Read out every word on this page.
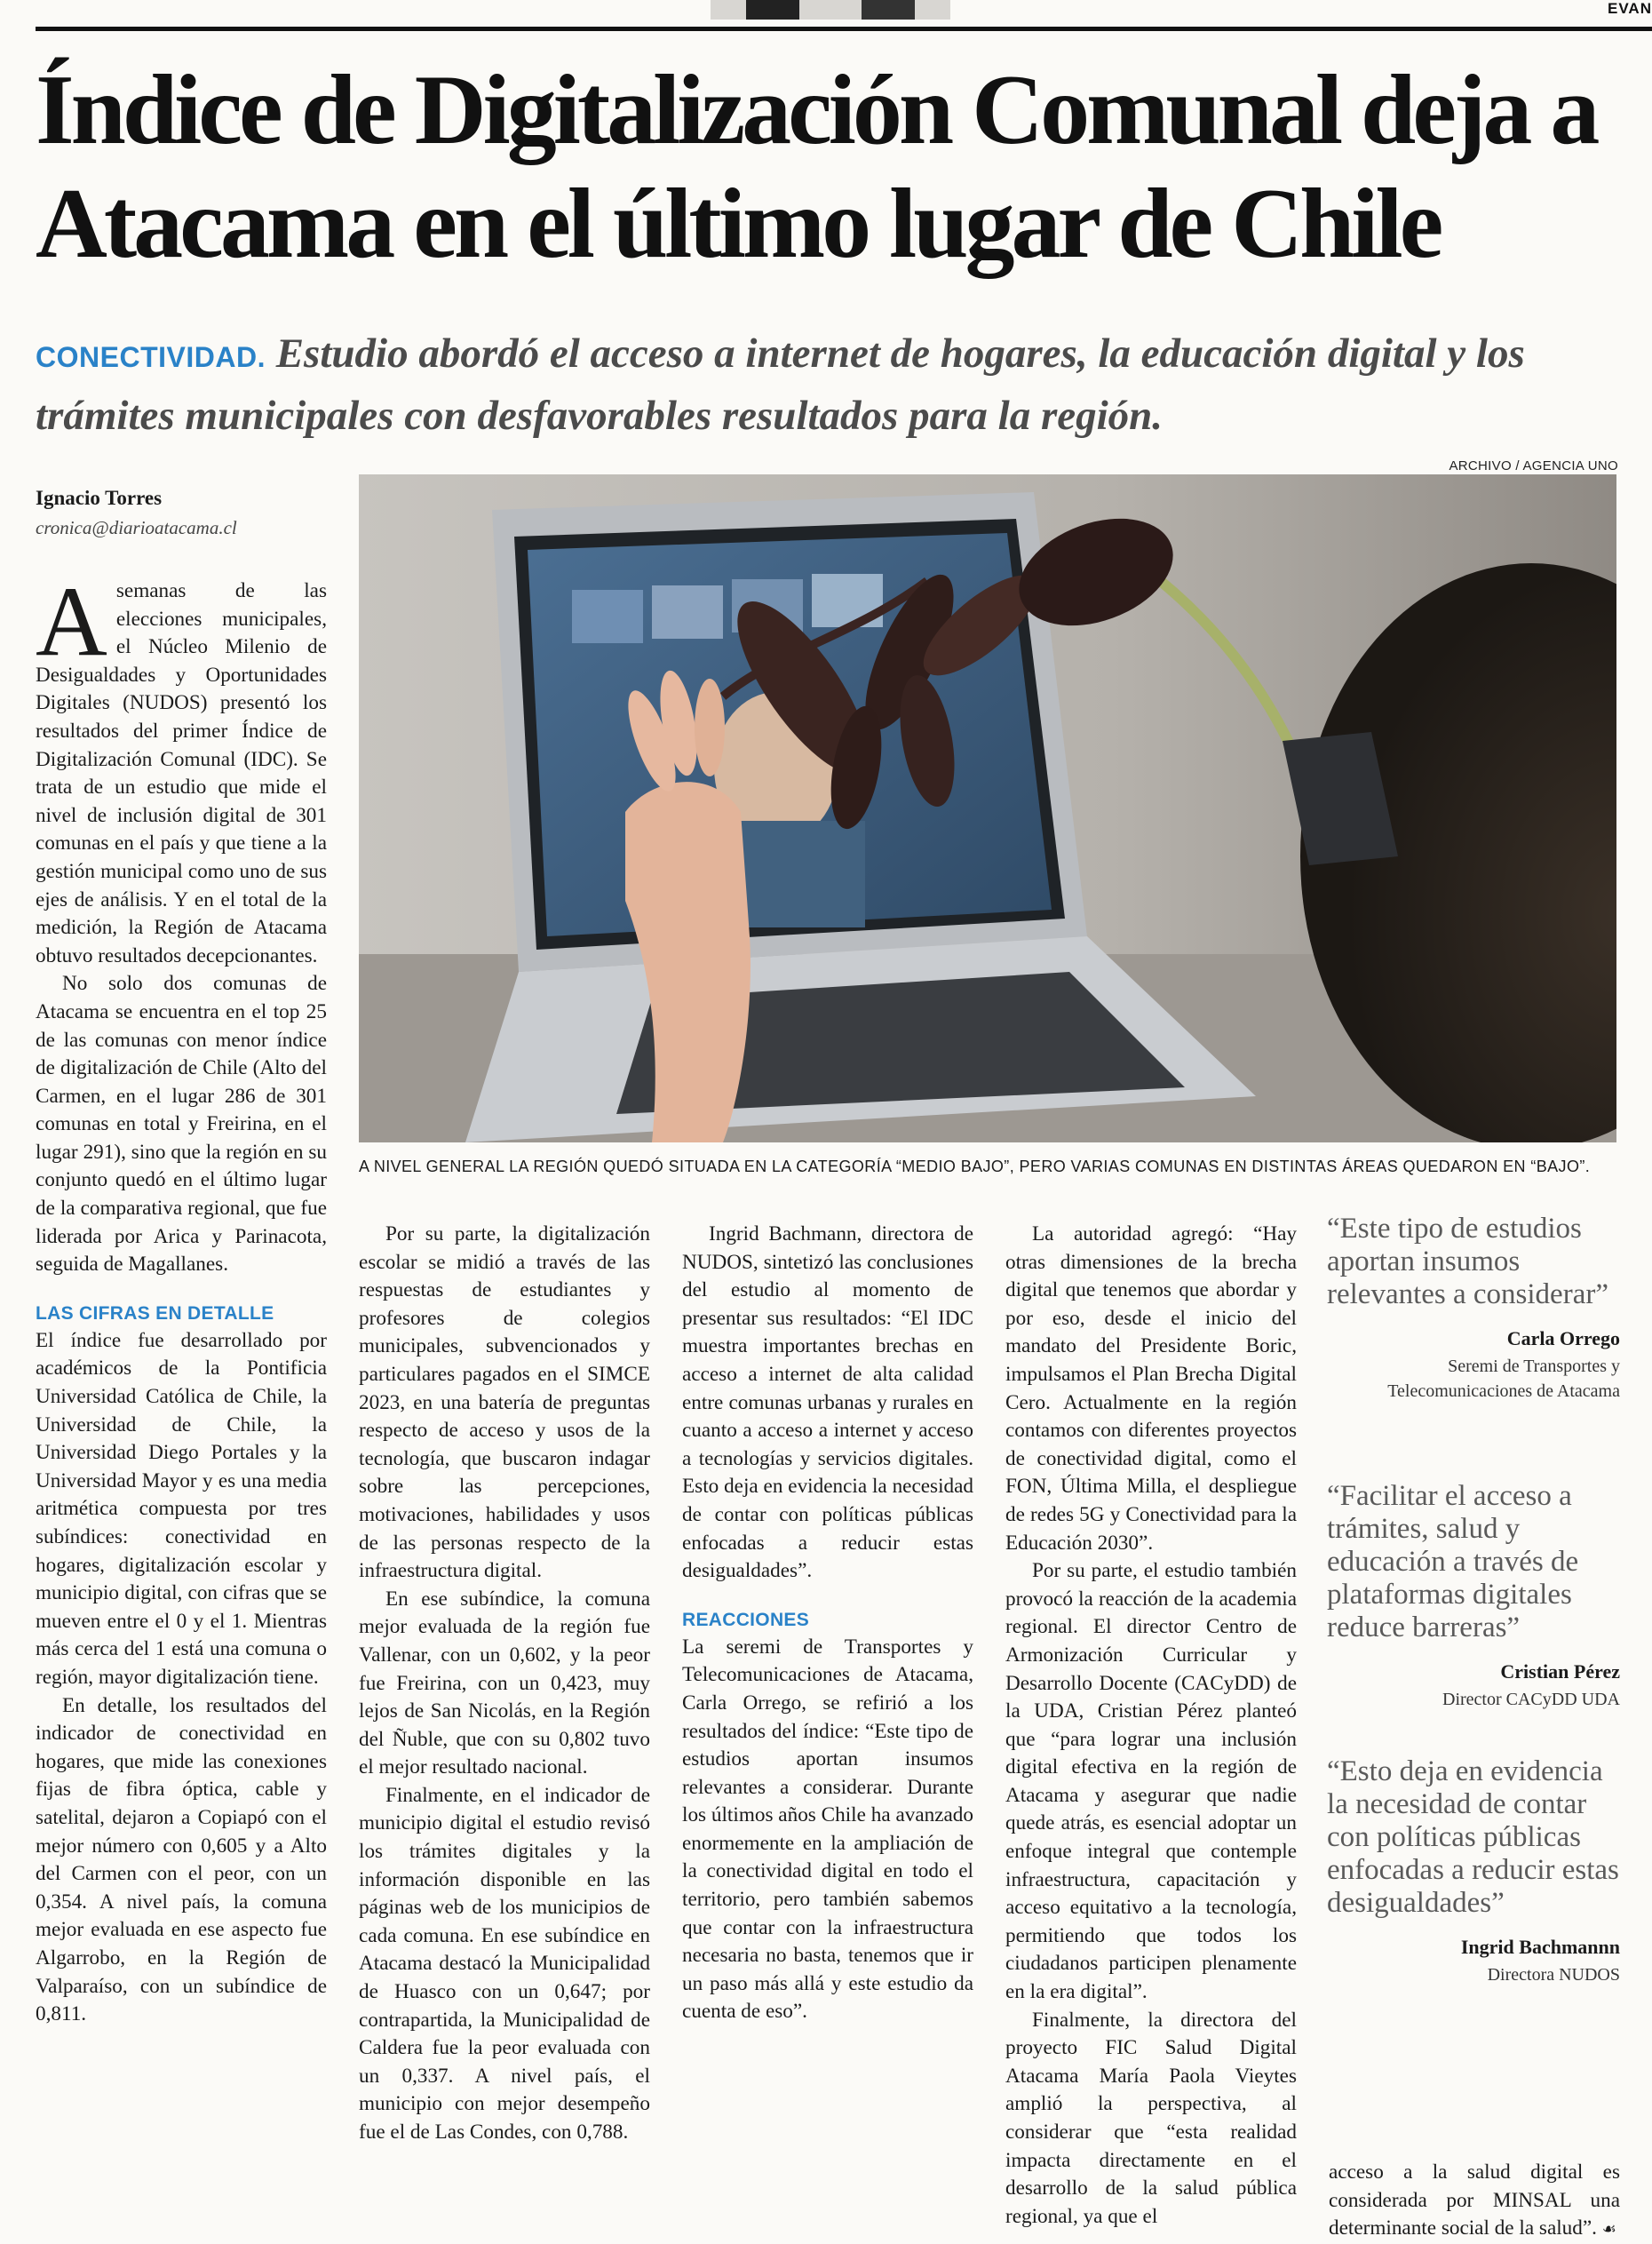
EVAN
Índice de Digitalización Comunal deja a Atacama en el último lugar de Chile

CONECTIVIDAD. Estudio abordó el acceso a internet de hogares, la educación digital y los trámites municipales con desfavorables resultados para la región.

ARCHIVO / AGENCIA UNO
A NIVEL GENERAL LA REGIÓN QUEDÓ SITUADA EN LA CATEGORÍA “MEDIO BAJO”, PERO VARIAS COMUNAS EN DISTINTAS ÁREAS QUEDARON EN “BAJO”.
Ignacio Torres
cronica@diarioatacama.cl

Asemanas de las elecciones municipales, el Núcleo Milenio de Desigualdades y Oportunidades Digitales (NUDOS) presentó los resultados del primer Índice de Digitalización Comunal (IDC). Se trata de un estudio que mide el nivel de inclusión digital de 301 comunas en el país y que tiene a la gestión municipal como uno de sus ejes de análisis. Y en el total de la medición, la Región de Atacama obtuvo resultados decepcionantes.

No solo dos comunas de Atacama se encuentra en el top 25 de las comunas con menor índice de digitalización de Chile (Alto del Carmen, en el lugar 286 de 301 comunas en total y Freirina, en el lugar 291), sino que la región en su conjunto quedó en el último lugar de la comparativa regional, que fue liderada por Arica y Parinacota, seguida de Magallanes.

LAS CIFRAS EN DETALLE

El índice fue desarrollado por académicos de la Pontificia Universidad Católica de Chile, la Universidad de Chile, la Universidad Diego Portales y la Universidad Mayor y es una media aritmética compuesta por tres subíndices: conectividad en hogares, digitalización escolar y municipio digital, con cifras que se mueven entre el 0 y el 1. Mientras más cerca del 1 está una comuna o región, mayor digitalización tiene.

En detalle, los resultados del indicador de conectividad en hogares, que mide las conexiones fijas de fibra óptica, cable y satelital, dejaron a Copiapó con el mejor número con 0,605 y a Alto del Carmen con el peor, con un 0,354. A nivel país, la comuna mejor evaluada en ese aspecto fue Algarrobo, en la Región de Valparaíso, con un subíndice de 0,811.

Por su parte, la digitalización escolar se midió a través de las respuestas de estudiantes y profesores de colegios municipales, subvencionados y particulares pagados en el SIMCE 2023, en una batería de preguntas respecto de acceso y usos de la tecnología, que buscaron indagar sobre las percepciones, motivaciones, habilidades y usos de las personas respecto de la infraestructura digital.

En ese subíndice, la comuna mejor evaluada de la región fue Vallenar, con un 0,602, y la peor fue Freirina, con un 0,423, muy lejos de San Nicolás, en la Región del Ñuble, que con su 0,802 tuvo el mejor resultado nacional.

Finalmente, en el indicador de municipio digital el estudio revisó los trámites digitales y la información disponible en las páginas web de los municipios de cada comuna. En ese subíndice en Atacama destacó la Municipalidad de Huasco con un 0,647; por contrapartida, la Municipalidad de Caldera fue la peor evaluada con un 0,337. A nivel país, el municipio con mejor desempeño fue el de Las Condes, con 0,788.

Ingrid Bachmann, directora de NUDOS, sintetizó las conclusiones del estudio al momento de presentar sus resultados: “El IDC muestra importantes brechas en acceso a internet de alta calidad entre comunas urbanas y rurales en cuanto a acceso a internet y acceso a tecnologías y servicios digitales. Esto deja en evidencia la necesidad de contar con políticas públicas enfocadas a reducir estas desigualdades”.

REACCIONES

La seremi de Transportes y Telecomunicaciones de Atacama, Carla Orrego, se refirió a los resultados del índice: “Este tipo de estudios aportan insumos relevantes a considerar. Durante los últimos años Chile ha avanzado enormemente en la ampliación de la conectividad digital en todo el territorio, pero también sabemos que contar con la infraestructura necesaria no basta, tenemos que ir un paso más allá y este estudio da cuenta de eso”.

La autoridad agregó: “Hay otras dimensiones de la brecha digital que tenemos que abordar y por eso, desde el inicio del mandato del Presidente Boric, impulsamos el Plan Brecha Digital Cero. Actualmente en la región contamos con diferentes proyectos de conectividad digital, como el FON, Última Milla, el despliegue de redes 5G y Conectividad para la Educación 2030”.

Por su parte, el estudio también provocó la reacción de la academia regional. El director Centro de Armonización Curricular y Desarrollo Docente (CACyDD) de la UDA, Cristian Pérez planteó que “para lograr una inclusión digital efectiva en la región de Atacama y asegurar que nadie quede atrás, es esencial adoptar un enfoque integral que contemple infraestructura, capacitación y acceso equitativo a la tecnología, permitiendo que todos los ciudadanos participen plenamente en la era digital”.

Finalmente, la directora del proyecto FIC Salud Digital Atacama María Paola Vieytes amplió la perspectiva, al considerar que “esta realidad impacta directamente en el desarrollo de la salud pública regional, ya que el

“Este tipo de estudios aportan insumos relevantes a considerar”
Carla Orrego
Seremi de Transportes y Telecomunicaciones de Atacama
“Facilitar el acceso a trámites, salud y educación a través de plataformas digitales reduce barreras”
Cristian Pérez
Director CACyDD UDA
“Esto deja en evidencia la necesidad de contar con políticas públicas enfocadas a reducir estas desigualdades”
Ingrid Bachmannn
Directora NUDOS

acceso a la salud digital es considerada por MINSAL una determinante social de la salud”. ☙
